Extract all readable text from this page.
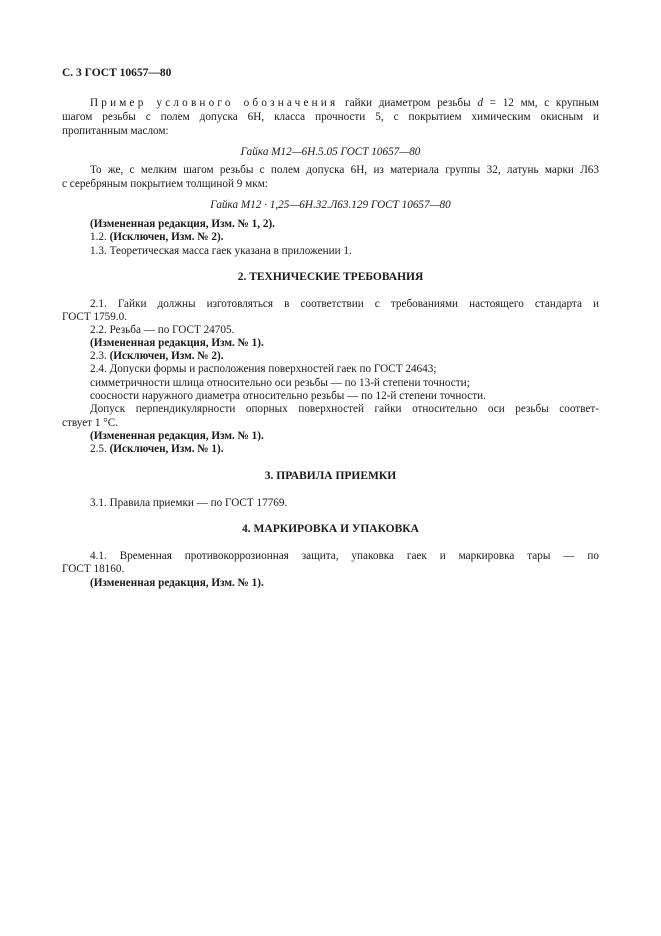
С. 3 ГОСТ 10657—80
Пример условного обозначения гайки диаметром резьбы d = 12 мм, с крупным
шагом резьбы с полем допуска 6Н, класса прочности 5, с покрытием химическим окисным и
пропитанным маслом:
Гайка М12—6Н.5.05 ГОСТ 10657—80
То же, с мелким шагом резьбы с полем допуска 6Н, из материала группы 32, латунь марки Л63
с серебряным покрытием толщиной 9 мкм:
Гайка М12 · 1,25—6Н.32.Л63.129 ГОСТ 10657—80
(Измененная редакция, Изм. № 1, 2).
1.2. (Исключен, Изм. № 2).
1.3. Теоретическая масса гаек указана в приложении 1.
2. ТЕХНИЧЕСКИЕ ТРЕБОВАНИЯ
2.1. Гайки должны изготовляться в соответствии с требованиями настоящего стандарта и
ГОСТ 1759.0.
2.2. Резьба — по ГОСТ 24705.
(Измененная редакция, Изм. № 1).
2.3. (Исключен, Изм. № 2).
2.4. Допуски формы и расположения поверхностей гаек по ГОСТ 24643;
симметричности шлица относительно оси резьбы — по 13-й степени точности;
соосности наружного диаметра относительно резьбы — по 12-й степени точности.
Допуск перпендикулярности опорных поверхностей гайки относительно оси резьбы соответ-
ствует 1 °С.
(Измененная редакция, Изм. № 1).
2.5. (Исключен, Изм. № 1).
3. ПРАВИЛА ПРИЕМКИ
3.1. Правила приемки — по ГОСТ 17769.
4. МАРКИРОВКА И УПАКОВКА
4.1. Временная противокоррозионная защита, упаковка гаек и маркировка тары — по
ГОСТ 18160.
(Измененная редакция, Изм. № 1).
